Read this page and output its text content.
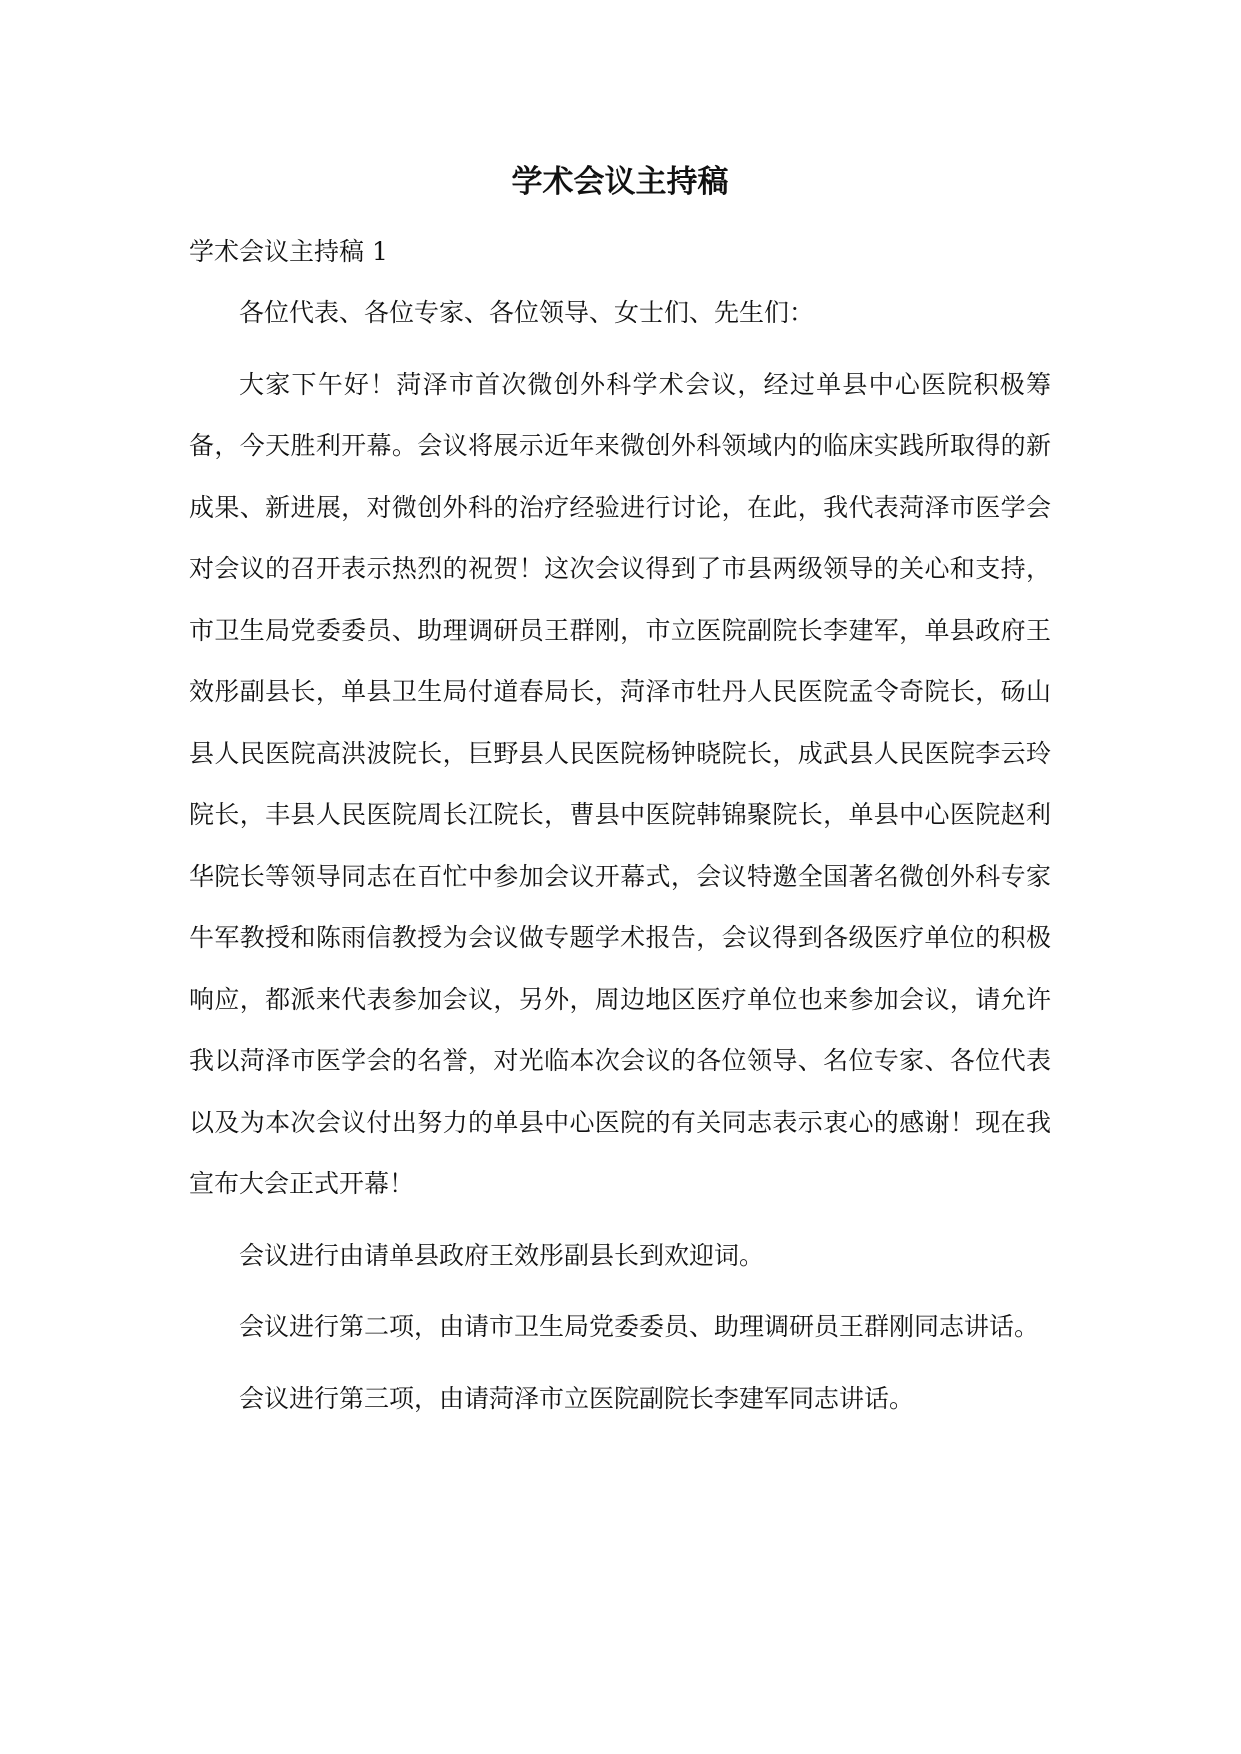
学术会议主持稿
学术会议主持稿 1

各位代表、各位专家、各位领导、女士们、先生们：

大家下午好！菏泽市首次微创外科学术会议，经过单县中心医院积极筹备，今天胜利开幕。会议将展示近年来微创外科领域内的临床实践所取得的新成果、新进展，对微创外科的治疗经验进行讨论，在此，我代表菏泽市医学会对会议的召开表示热烈的祝贺！这次会议得到了市县两级领导的关心和支持，市卫生局党委委员、助理调研员王群刚，市立医院副院长李建军，单县政府王效彤副县长，单县卫生局付道春局长，菏泽市牡丹人民医院孟令奇院长，砀山县人民医院高洪波院长，巨野县人民医院杨钟晓院长，成武县人民医院李云玲院长，丰县人民医院周长江院长，曹县中医院韩锦聚院长，单县中心医院赵利华院长等领导同志在百忙中参加会议开幕式，会议特邀全国著名微创外科专家牛军教授和陈雨信教授为会议做专题学术报告，会议得到各级医疗单位的积极响应，都派来代表参加会议，另外，周边地区医疗单位也来参加会议，请允许我以菏泽市医学会的名誉，对光临本次会议的各位领导、名位专家、各位代表以及为本次会议付出努力的单县中心医院的有关同志表示衷心的感谢！现在我宣布大会正式开幕！

会议进行由请单县政府王效彤副县长到欢迎词。

会议进行第二项，由请市卫生局党委委员、助理调研员王群刚同志讲话。

会议进行第三项，由请菏泽市立医院副院长李建军同志讲话。
